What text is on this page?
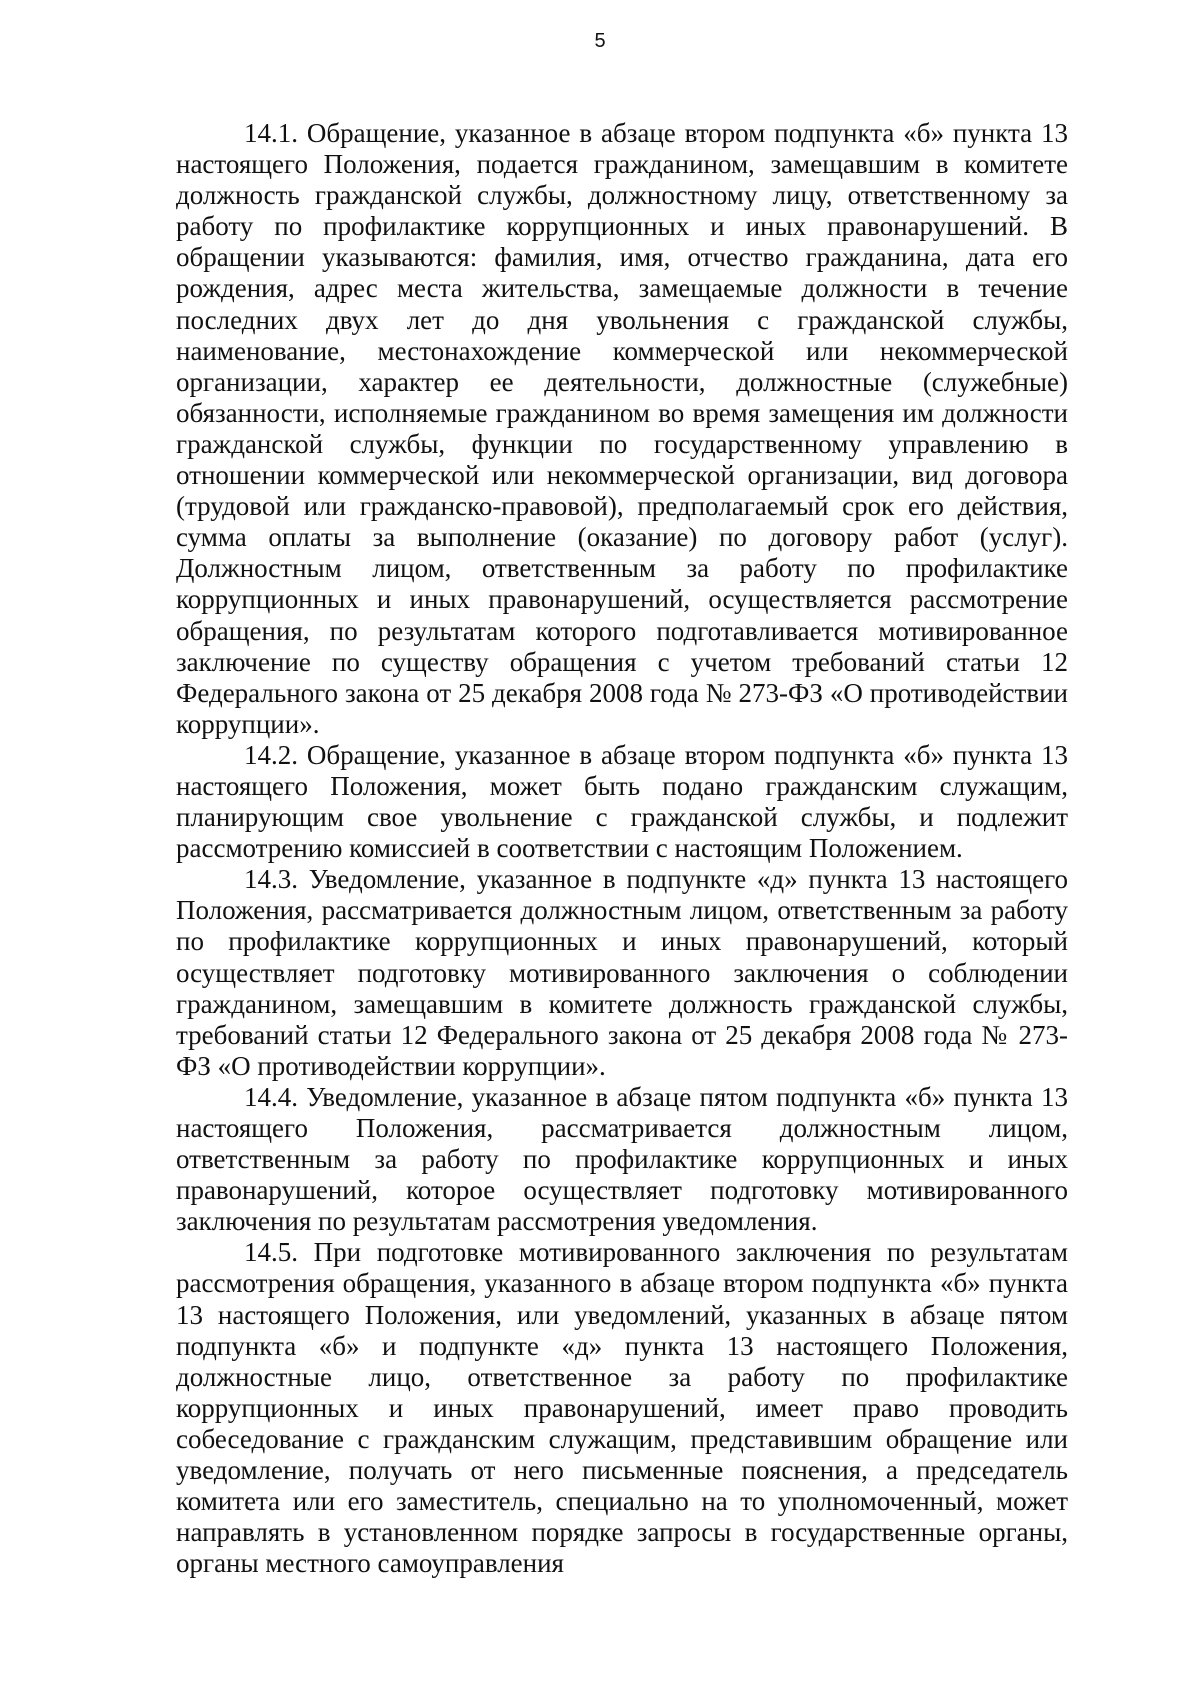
5

14.1. Обращение, указанное в абзаце втором подпункта «б» пункта 13 настоящего Положения, подается гражданином, замещавшим в комитете должность гражданской службы, должностному лицу, ответственному за работу по профилактике коррупционных и иных правонарушений. В обращении указываются: фамилия, имя, отчество гражданина, дата его рождения, адрес места жительства, замещаемые должности в течение последних двух лет до дня увольнения с гражданской службы, наименование, местонахождение коммерческой или некоммерческой организации, характер ее деятельности, должностные (служебные) обязанности, исполняемые гражданином во время замещения им должности гражданской службы, функции по государственному управлению в отношении коммерческой или некоммерческой организации, вид договора (трудовой или гражданско-правовой), предполагаемый срок его действия, сумма оплаты за выполнение (оказание) по договору работ (услуг). Должностным лицом, ответственным за работу по профилактике коррупционных и иных правонарушений, осуществляется рассмотрение обращения, по результатам которого подготавливается мотивированное заключение по существу обращения с учетом требований статьи 12 Федерального закона от 25 декабря 2008 года № 273-ФЗ «О противодействии коррупции».

14.2. Обращение, указанное в абзаце втором подпункта «б» пункта 13 настоящего Положения, может быть подано гражданским служащим, планирующим свое увольнение с гражданской службы, и подлежит рассмотрению комиссией в соответствии с настоящим Положением.

14.3. Уведомление, указанное в подпункте «д» пункта 13 настоящего Положения, рассматривается должностным лицом, ответственным за работу по профилактике коррупционных и иных правонарушений, который осуществляет подготовку мотивированного заключения о соблюдении гражданином, замещавшим в комитете должность гражданской службы, требований статьи 12 Федерального закона от 25 декабря 2008 года № 273-ФЗ «О противодействии коррупции».

14.4. Уведомление, указанное в абзаце пятом подпункта «б» пункта 13 настоящего Положения, рассматривается должностным лицом, ответственным за работу по профилактике коррупционных и иных правонарушений, которое осуществляет подготовку мотивированного заключения по результатам рассмотрения уведомления.

14.5. При подготовке мотивированного заключения по результатам рассмотрения обращения, указанного в абзаце втором подпункта «б» пункта 13 настоящего Положения, или уведомлений, указанных в абзаце пятом подпункта «б» и подпункте «д» пункта 13 настоящего Положения, должностные лицо, ответственное за работу по профилактике коррупционных и иных правонарушений, имеет право проводить собеседование с гражданским служащим, представившим обращение или уведомление, получать от него письменные пояснения, а председатель комитета или его заместитель, специально на то уполномоченный, может направлять в установленном порядке запросы в государственные органы, органы местного самоуправления
